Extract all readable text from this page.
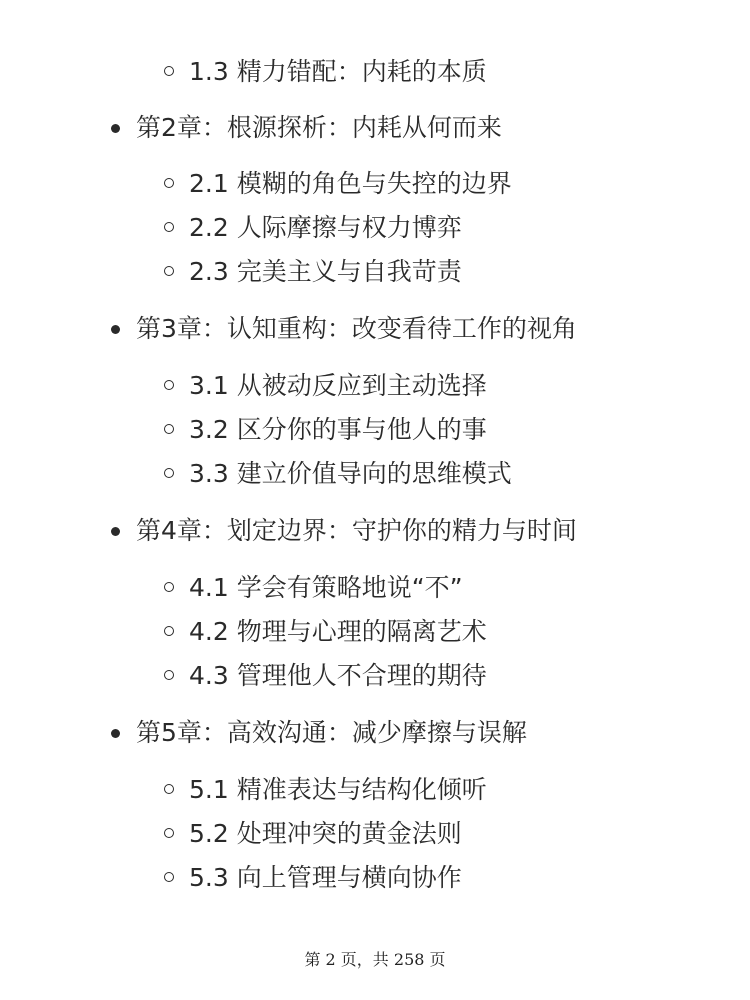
1.3 精力错配：内耗的本质
第2章：根源探析：内耗从何而来
2.1 模糊的角色与失控的边界
2.2 人际摩擦与权力博弈
2.3 完美主义与自我苛责
第3章：认知重构：改变看待工作的视角
3.1 从被动反应到主动选择
3.2 区分你的事与他人的事
3.3 建立价值导向的思维模式
第4章：划定边界：守护你的精力与时间
4.1 学会有策略地说“不”
4.2 物理与心理的隔离艺术
4.3 管理他人不合理的期待
第5章：高效沟通：减少摩擦与误解
5.1 精准表达与结构化倾听
5.2 处理冲突的黄金法则
5.3 向上管理与横向协作
第 2 页，共 258 页
